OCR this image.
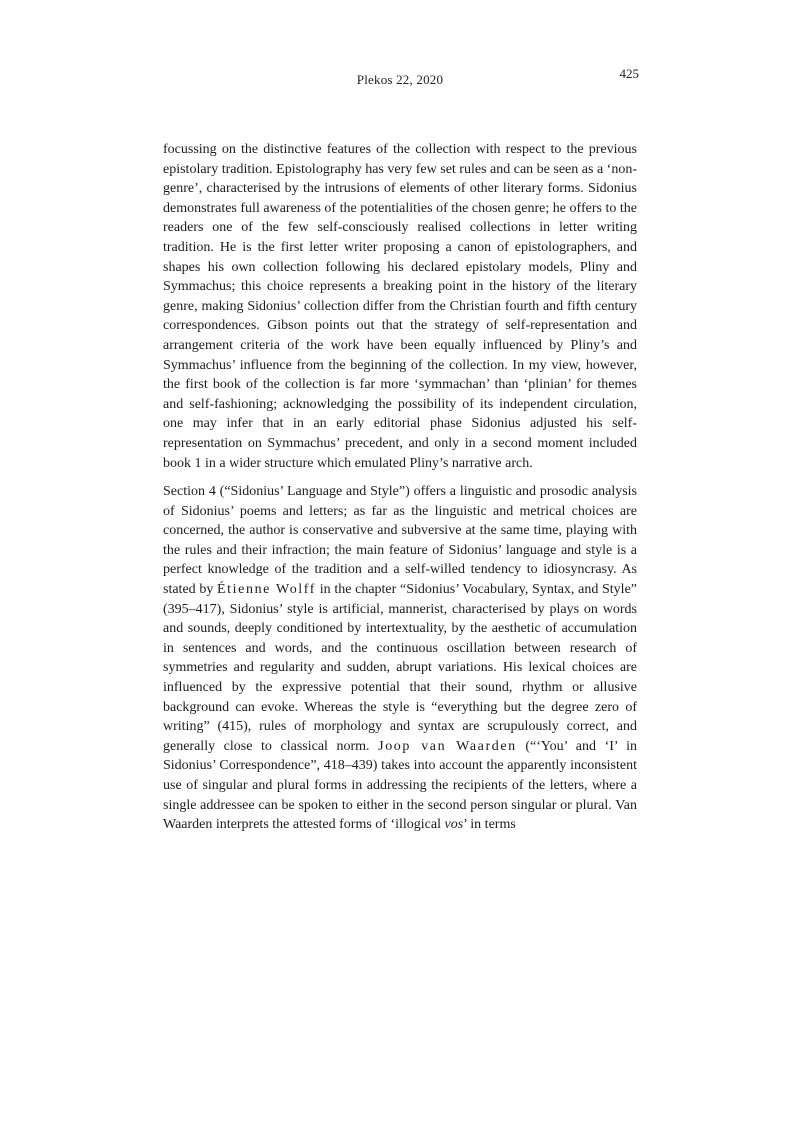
Plekos 22, 2020	425

focussing on the distinctive features of the collection with respect to the previous epistolary tradition. Epistolography has very few set rules and can be seen as a ‘non-genre’, characterised by the intrusions of elements of other literary forms. Sidonius demonstrates full awareness of the potentialities of the chosen genre; he offers to the readers one of the few self-consciously realised collections in letter writing tradition. He is the first letter writer proposing a canon of epistolographers, and shapes his own collection following his declared epistolary models, Pliny and Symmachus; this choice represents a breaking point in the history of the literary genre, making Sidonius’ collection differ from the Christian fourth and fifth century correspondences. Gibson points out that the strategy of self-representation and arrangement criteria of the work have been equally influenced by Pliny’s and Symmachus’ influence from the beginning of the collection. In my view, however, the first book of the collection is far more ‘symmachan’ than ‘plinian’ for themes and self-fashioning; acknowledging the possibility of its independent circulation, one may infer that in an early editorial phase Sidonius adjusted his self-representation on Symmachus’ precedent, and only in a second moment included book 1 in a wider structure which emulated Pliny’s narrative arch.

Section 4 (“Sidonius’ Language and Style”) offers a linguistic and prosodic analysis of Sidonius’ poems and letters; as far as the linguistic and metrical choices are concerned, the author is conservative and subversive at the same time, playing with the rules and their infraction; the main feature of Sidonius’ language and style is a perfect knowledge of the tradition and a self-willed tendency to idiosyncrasy. As stated by Étienne Wolff in the chapter “Sidonius’ Vocabulary, Syntax, and Style” (395–417), Sidonius’ style is artificial, mannerist, characterised by plays on words and sounds, deeply conditioned by intertextuality, by the aesthetic of accumulation in sentences and words, and the continuous oscillation between research of symmetries and regularity and sudden, abrupt variations. His lexical choices are influenced by the expressive potential that their sound, rhythm or allusive background can evoke. Whereas the style is “everything but the degree zero of writing” (415), rules of morphology and syntax are scrupulously correct, and generally close to classical norm. Joop van Waarden (“‘You’ and ‘I’ in Sidonius’ Correspondence”, 418–439) takes into account the apparently inconsistent use of singular and plural forms in addressing the recipients of the letters, where a single addressee can be spoken to either in the second person singular or plural. Van Waarden interprets the attested forms of ‘illogical vos’ in terms
